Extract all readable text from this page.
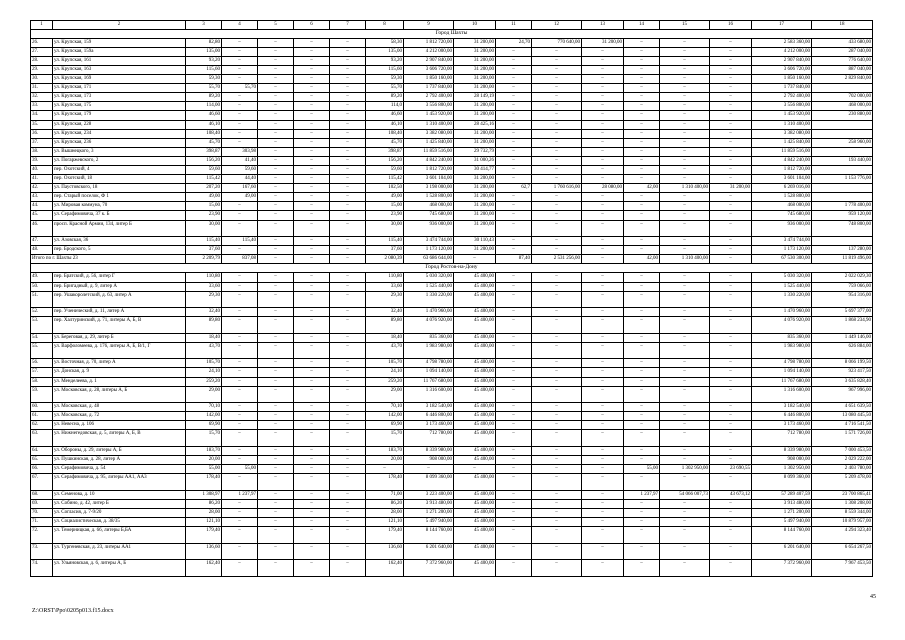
1	2	3	4	5	6	7	8	9	10	11	12	13	14	15	16	17	18
Город Шахты																	
26.	ул. Крупская, 159	82,80	–	–	–	–	58,30	1 812 720,00	31 200,00	24,70	770 640,00	31 200,00	–	–	–	2 583 360,00	433 680,00
27.	ул. Крупская, 159а	135,00	–	–	–	–	135,00	4 212 000,00	31 200,00	–	–	–	–	–	–	4 212 000,00	287 040,00
28.	ул. Крупская, 161	93,20	–	–	–	–	93,20	2 907 840,00	31 200,00	–	–	–	–	–	–	2 907 840,00	776 640,00
29.	ул. Крупская, 163	115,60	–	–	–	–	115,60	3 606 720,00	31 200,00	–	–	–	–	–	–	3 606 720,00	887 040,00
30.	ул. Крупская, 169	59,30	–	–	–	–	59,30	1 850 160,00	31 200,00	–	–	–	–	–	–	1 850 160,00	2 829 840,00
31.	ул. Крупская, 171	55,70	55,70	–	–	–	55,70	1 737 840,00	31 200,00	–	–	–	–	–	–	1 737 840,00	
32.	ул. Крупская, 173	89,20	–	–	–	–	89,20	2 792 400,00	28 149,19	–	–	–	–	–	–	2 792 400,00	702 000,00
33.	ул. Крупская, 175	114,00	–	–	–	–	114,0	3 556 800,00	31 200,00	–	–	–	–	–	–	3 556 800,00	468 000,00
34.	ул. Крупская, 179	46,60	–	–	–	–	46,60	1 453 920,00	31 200,00	–	–	–	–	–	–	1 453 920,00	230 880,00
35.	ул. Крупская, 228	46,10	–	–	–	–	46,10	1 310 400,00	28 425,16	–	–	–	–	–	–	1 310 400,00	
36.	ул. Крупская, 234	108,40	–	–	–	–	108,40	3 382 080,00	31 200,00	–	–	–	–	–	–	3 382 080,00	
37.	ул. Крупская, 236	45,70	–	–	–	–	45,70	1 425 840,00	31 200,00	–	–	–	–	–	–	1 425 840,00	258 960,00
38.	ул. Вышнецкого, 3	398,87	303,98	–	–	–	398,87	11 859 516,00	29 732,79	–	–	–	–	–	–	11 859 516,00	
39.	ул. Погаржевского, 2	156,20	41,40	–	–	–	156,20	4 842 240,00	31 000,26	–	–	–	–	–	–	4 842 240,00	193 440,00
40.	пер. Охотский, 4	59,60	59,60	–	–	–	59,60	1 812 720,00	30 414,77	–	–	–	–	–	–	1 812 720,00	
41.	пер. Охотский, 18	115,42	44,40	–	–	–	115,42	3 601 104,00	31 200,00	–	–	–	–	–	–	3 601 104,00	1 153 776,00
42.	ул. Паустовского, 18	207,20	167,60	–	–	–	102,50	3 198 000,00	31 200,00	62,7	1 760 616,00	28 080,00	42,00	1 310 400,00	31 200,00	6 269 016,00	
43.	пер. Старый поселок, Ф 1	49,00	49,00	–	–	–	49,00	1 528 800,00	31 200,00	–	–	–	–	–	–	1 528 800,00	
44.	ул. Мировая коммуна, 70	15,00	–	–	–	–	15,00	468 000,00	31 200,00	–	–	–	–	–	–	468 000,00	1 778 400,00
45.	ул. Серафимовича, 37 к. Б	23,90	–	–	–	–	23,90	745 680,00	31 200,00	–	–	–	–	–	–	745 680,00	959 120,00
46.	просп. Красной Армии, 134, литер Б	30,00	–	–	–	–	30,00	936 000,00	31 200,00	–	–	–	–	–	–	936 000,00	748 800,00
47.	ул. Азовская, 36	115,40	115,40	–	–	–	115,40	3 474 744,00	30 110,43	–	–	–	–	–	–	3 474 744,00	
48.	пер. Бродского, 5	37,60	–	–	–	–	37,60	1 173 120,00	31 200,00	–	–	–	–	–	–	1 173 120,00	137 280,00
Итого по г. Шахты 23		2 209,79	837,08	–	–	–	2 080,39	63 686 644,00	–	87,40	2 531 256,00	–	42,00	1 310 400,00	–	67 530 300,00	11 819 496,00
Город Ростов-на-Дону																	
49.	пер. Братский, д. 56, литер Г	110,80	–	–	–	–	110,80	5 030 320,00	45 400,00	–	–	–	–	–	–	5 030 320,00	2 022 029,30
50.	пер. Бригадный, д. 9, литер А	33,60	–	–	–	–	33,60	1 525 440,00	45 400,00	–	–	–	–	–	–	1 525 440,00	759 066,00
51.	пер. Ушакоролетский, д. 63, литер А	29,30	–	–	–	–	29,30	1 330 220,00	45 400,00	–	–	–	–	–	–	1 330 220,00	954 316,00
52.	пер. Ученический, д. 11, литер А	32,40	–	–	–	–	32,40	1 470 960,00	45 400,00	–	–	–	–	–	–	1 470 960,00	5 697 377,00
53.	пер. Халтуринский, д. 71, литеры А, Б, В	89,80	–	–	–	–	89,80	4 076 920,00	45 400,00	–	–	–	–	–	–	4 076 920,00	1 868 234,90
54.	ул. Береговая, д. 29, литер Б	18,40	–	–	–	–	18,40	835 360,00	45 400,00	–	–	–	–	–	–	835 360,00	1 449 146,00
55.	ул. Варфоломеева, д. 176, литеры А, Б, В/1, Г	43,70	–	–	–	–	43,70	1 983 980,00	45 400,00	–	–	–	–	–	–	1 983 980,00	626 884,00
56.	ул. Восточная, д. 70, литер А	105,70	–	–	–	–	105,70	4 798 780,00	45 400,00	–	–	–	–	–	–	4 798 780,00	8 066 199,50
57.	ул. Донская, д. 9	24,10	–	–	–	–	24,10	1 094 140,00	45 400,00	–	–	–	–	–	–	1 094 140,00	923 417,50
58.	ул. Менделеева, д. 1	259,20	–	–	–	–	259,20	11 767 680,00	45 400,00	–	–	–	–	–	–	11 767 680,00	3 635 828,40
59.	ул. Московская, д. 28, литеры А, Б	29,00	–	–	–	–	29,00	1 316 600,00	45 400,00	–	–	–	–	–	–	1 316 600,00	967 996,00
60.	ул. Московская, д. 48	70,10	–	–	–	–	70,10	3 182 540,00	45 400,00	–	–	–	–	–	–	3 182 540,00	4 651 639,50
61.	ул. Московская, д. 72	142,00	–	–	–	–	142,00	6 446 800,00	45 400,00	–	–	–	–	–	–	6 446 800,00	13 080 445,50
62.	ул. Невесна, д. 106	69,90	–	–	–	–	69,90	3 173 460,00	45 400,00	–	–	–	–	–	–	3 173 460,00	4 716 541,50
63.	ул. Нижнегедовская, д. 5, литеры А, Б, В	15,70	–	–	–	–	15,70	712 780,00	45 400,00	–	–	–	–	–	–	712 780,00	1 571 726,00
64.	ул. Обороны, д. 29, литеры А, Б	183,70	–	–	–	–	183,70	8 339 980,00	45 400,00	–	–	–	–	–	–	8 339 980,00	7 000 453,50
65.	ул. Пушкинская, д. 28, литер А	20,00	–	–	–	–	20,00	908 000,00	45 400,00	–	–	–	–	–	–	908 000,00	2 029 222,00
66.	ул. Серафимовича, д. 54	55,00	55,00	–	–	–	–	–	–	–	–	–	55,00	1 302 950,00	23 690,55	1 302 950,00	2 403 780,00
67.	ул. Серафимовича, д. 95, литеры АА1, АА3	178,40	–	–	–	–	178,40	8 099 360,00	45 400,00	–	–	–	–	–	–	8 099 360,00	5 209 478,00
68.	ул. Семенова, д. 10	1 308,97	1 237,97	–	–	–	71,00	3 223 400,00	45 400,00	–	–	–	1 237,97	54 066 007,73	43 673,12	57 289 407,59	23 700 865,41
69.	ул. Собино, д. 42, литер Б	86,20	–	–	–	–	86,20	3 913 480,00	45 400,00	–	–	–	–	–	–	3 913 480,00	1 308 208,00
70.	ул. Согласия, д. 7-9/20	28,00	–	–	–	–	28,00	1 271 200,00	45 400,00	–	–	–	–	–	–	1 271 200,00	8 559 344,00
71.	ул. Социалистическая, д. 38/35	121,10	–	–	–	–	121,10	5 497 940,00	45 400,00	–	–	–	–	–	–	5 497 940,00	10 879 957,00
72.	ул. Темерницкая, д. 66, литеры Б,БА	179,40	–	–	–	–	179,40	8 144 760,00	45 400,00	–	–	–	–	–	–	8 144 760,00	4 294 323,40
73.	ул. Тургеневская, д. 23, литеры АА1	136,60	–	–	–	–	136,60	6 201 640,00	45 400,00	–	–	–	–	–	–	6 201 640,00	6 654 267,50
74.	ул. Ульяновская, д. 6, литеры А, Б	162,40	–	–	–	–	162,40	7 372 960,00	45 400,00	–	–	–	–	–	–	7 372 960,00	7 967 453,50
45
Z:\ORST\Ppo\0205p013.f15.docx
